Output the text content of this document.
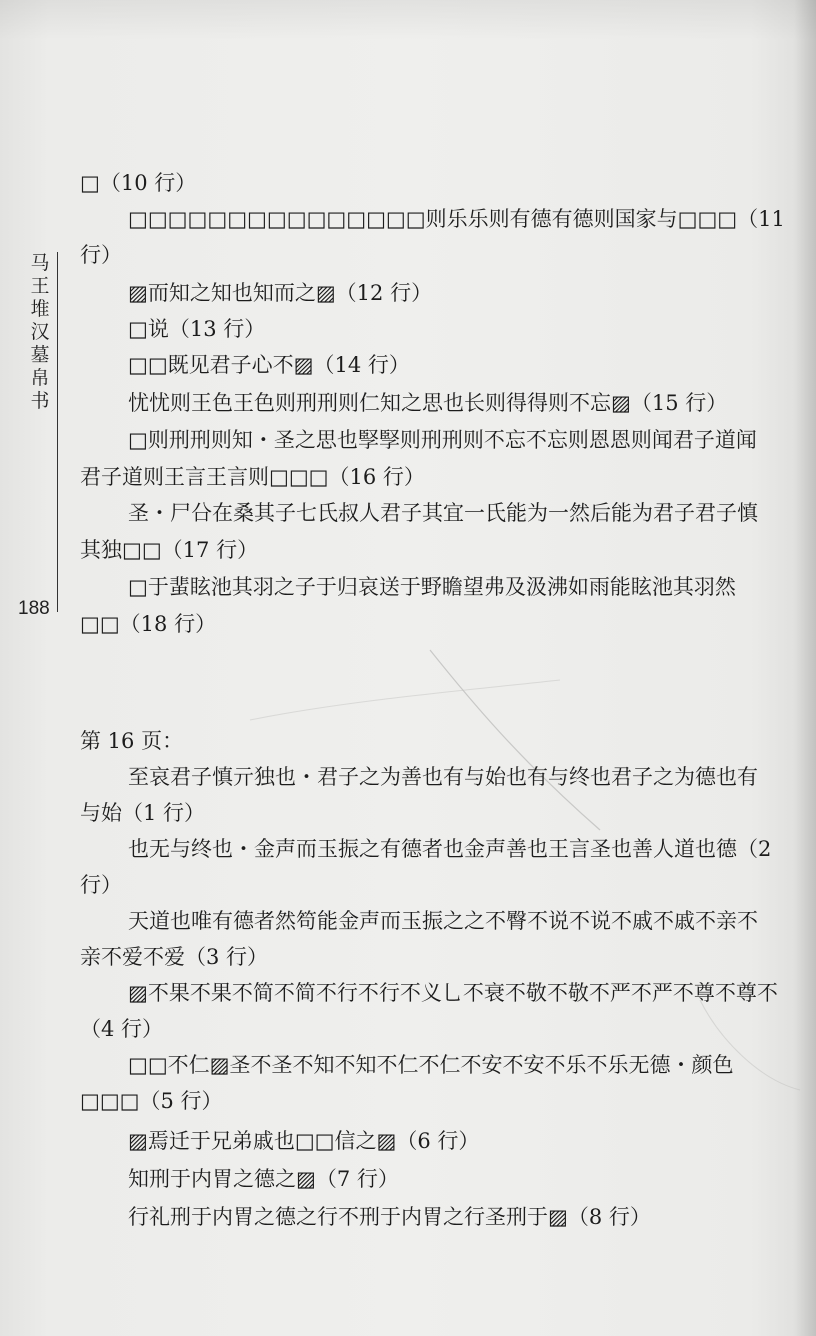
马
王
堆
汉
墓
帛
书
188
□（10 行）
□□□□□□□□□□□□□□□则乐乐则有德有德则国家与□□□（11
行）
▨而知之知也知而之▨（12 行）
□说（13 行）
□□既见君子心不▨（14 行）
忧忧则王色王色则刑刑则仁知之思也长则得得则不忘▨（15 行）
□则刑刑则知・圣之思也孯孯则刑刑则不忘不忘则恩恩则闻君子道闻
君子道则王言王言则□□□（16 行）
圣・尸㕣在桑其子七氏叔人君子其宜一氏能为一然后能为君子君子慎
其独□□（17 行）
□于蜚眩池其羽之子于归哀送于野瞻望弗及汲沸如雨能眩池其羽然
□□（18 行）
第 16 页：
至哀君子慎亓独也・君子之为善也有与始也有与终也君子之为德也有
与始（1 行）
也无与终也・金声而玉振之有德者也金声善也王言圣也善人道也德（2
行）
天道也唯有德者然笱能金声而玉振之之不臀不说不说不戚不戚不亲不
亲不爱不爱（3 行）
▨不果不果不简不简不行不行不义乚不衰不敬不敬不严不严不尊不尊不
（4 行）
□□不仁▨圣不圣不知不知不仁不仁不安不安不乐不乐无德・颜色
□□□（5 行）
▨焉迁于兄弟戚也□□信之▨（6 行）
知刑于内胃之德之▨（7 行）
行礼刑于内胃之德之行不刑于内胃之行圣刑于▨（8 行）
